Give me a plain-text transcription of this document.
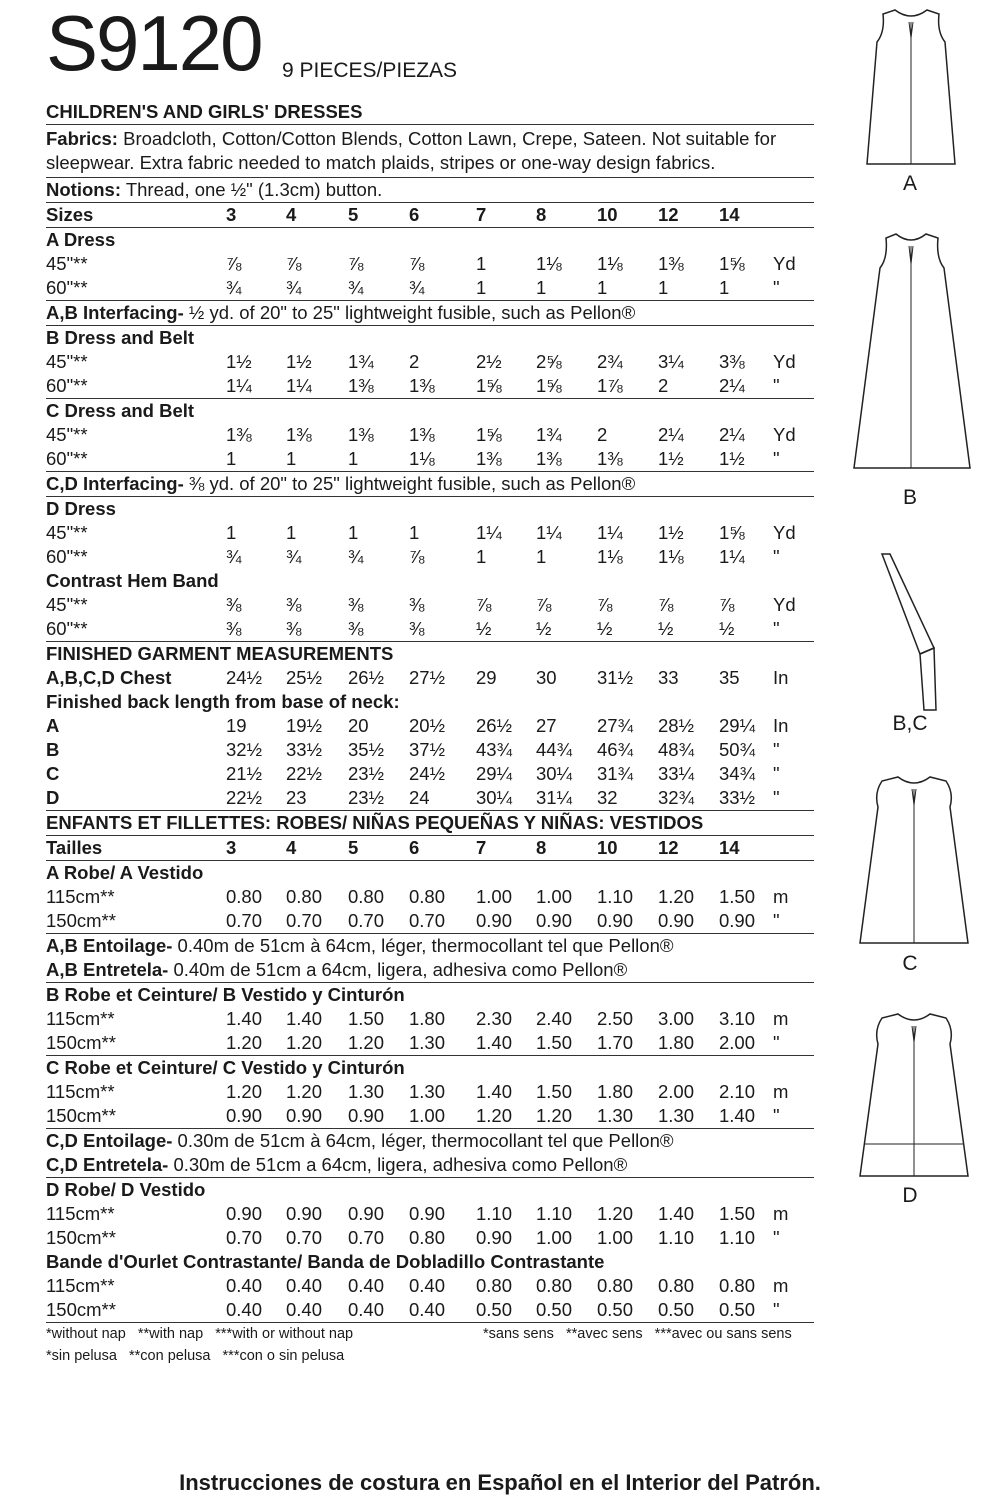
S9120 9 PIECES/PIEZAS
CHILDREN'S AND GIRLS' DRESSES
Fabrics: Broadcloth, Cotton/Cotton Blends, Cotton Lawn, Crepe, Sateen. Not suitable for sleepwear. Extra fabric needed to match plaids, stripes or one-way design fabrics.
Notions: Thread, one ½" (1.3cm) button.
Sizes	3	4	5	6	7	8	10 12 14
A Dress
45"**	⅞ ⅞	⅞ ⅞	1	1⅛ 1⅛ 1⅜ 1⅝ Yd
60"**	¾ ¾	¾ ¾	1	1	1	1	1 "
A,B Interfacing- ½ yd. of 20" to 25" lightweight fusible, such as Pellon®
B Dress and Belt
45"**	1½ 1½ 1¾ 2	2½ 2⅝ 2¾ 3¼ 3⅜ Yd
60"**	1¼ 1¼ 1⅜ 1⅜ 1⅝ 1⅝ 1⅞ 2	2¼ "
C Dress and Belt
45"**	1⅜ 1⅜ 1⅜ 1⅜ 1⅝ 1¾ 2	2¼ 2¼ Yd
60"**	1	1	1	1⅛ 1⅜ 1⅜ 1⅜ 1½ 1½ "
C,D Interfacing- ⅜ yd. of 20" to 25" lightweight fusible, such as Pellon®
D Dress
45"**	1	1	1	1	1¼ 1¼ 1¼ 1½ 1⅝ Yd
60"**	¾ ¾	¾ ⅞	1	1	1⅛ 1⅛ 1¼ "
Contrast Hem Band
45"**	⅜ ⅜	⅜ ⅜	⅞ ⅞ ⅞ ⅞ ⅞ Yd
60"**	⅜ ⅜	⅜ ⅜	½ ½ ½ ½ ½ "
FINISHED GARMENT MEASUREMENTS
A,B,C,D Chest	24½ 25½ 26½ 27½ 29 30 31½ 33 35 In
Finished back length from base of neck:
A	19 19½ 20 20½ 26½ 27 27¾ 28½ 29¼ In
B	32½ 33½ 35½ 37½ 43¾ 44¾ 46¾ 48¾ 50¾ "
C	21½ 22½ 23½ 24½ 29¼ 30¼ 31¾ 33¼ 34¾ "
D	22½ 23 23½ 24	30¼ 31¼ 32 32¾ 33½ "
ENFANTS ET FILLETTES: ROBES/ NIÑAS PEQUEÑAS Y NIÑAS: VESTIDOS
Tailles	3	4	5	6	7	8	10 12 14
A Robe/ A Vestido
115cm**	0.80 0.80 0.80 0.80 1.00 1.00 1.10 1.20 1.50 m
150cm**	0.70 0.70 0.70 0.70 0.90 0.90 0.90 0.90 0.90 "
A,B Entoilage- 0.40m de 51cm à 64cm, léger, thermocollant tel que Pellon®
A,B Entretela- 0.40m de 51cm a 64cm, ligera, adhesiva como Pellon®
B Robe et Ceinture/ B Vestido y Cinturón
115cm**	1.40 1.40 1.50 1.80 2.30 2.40 2.50 3.00 3.10 m
150cm**	1.20 1.20 1.20 1.30 1.40 1.50 1.70 1.80 2.00 "
C Robe et Ceinture/ C Vestido y Cinturón
115cm**	1.20 1.20 1.30 1.30 1.40 1.50 1.80 2.00 2.10 m
150cm**	0.90 0.90 0.90 1.00 1.20 1.20 1.30 1.30 1.40 "
C,D Entoilage- 0.30m de 51cm à 64cm, léger, thermocollant tel que Pellon®
C,D Entretela- 0.30m de 51cm a 64cm, ligera, adhesiva como Pellon®
D Robe/ D Vestido
115cm**	0.90 0.90 0.90 0.90 1.10 1.10 1.20 1.40 1.50 m
150cm**	0.70 0.70 0.70 0.80 0.90 1.00 1.00 1.10 1.10 "
Bande d'Ourlet Contrastante/ Banda de Dobladillo Contrastante
115cm**	0.40 0.40 0.40 0.40 0.80 0.80 0.80 0.80 0.80 m
150cm**	0.40 0.40 0.40 0.40 0.50 0.50 0.50 0.50 0.50 "
*without nap   **with nap   ***with or without nap
*sin pelusa   **con pelusa   ***con o sin pelusa
*sans sens   **avec sens   ***avec ou sans sens
Instrucciones de costura en Español en el Interior del Patrón.
A
B
B,C
C
D
